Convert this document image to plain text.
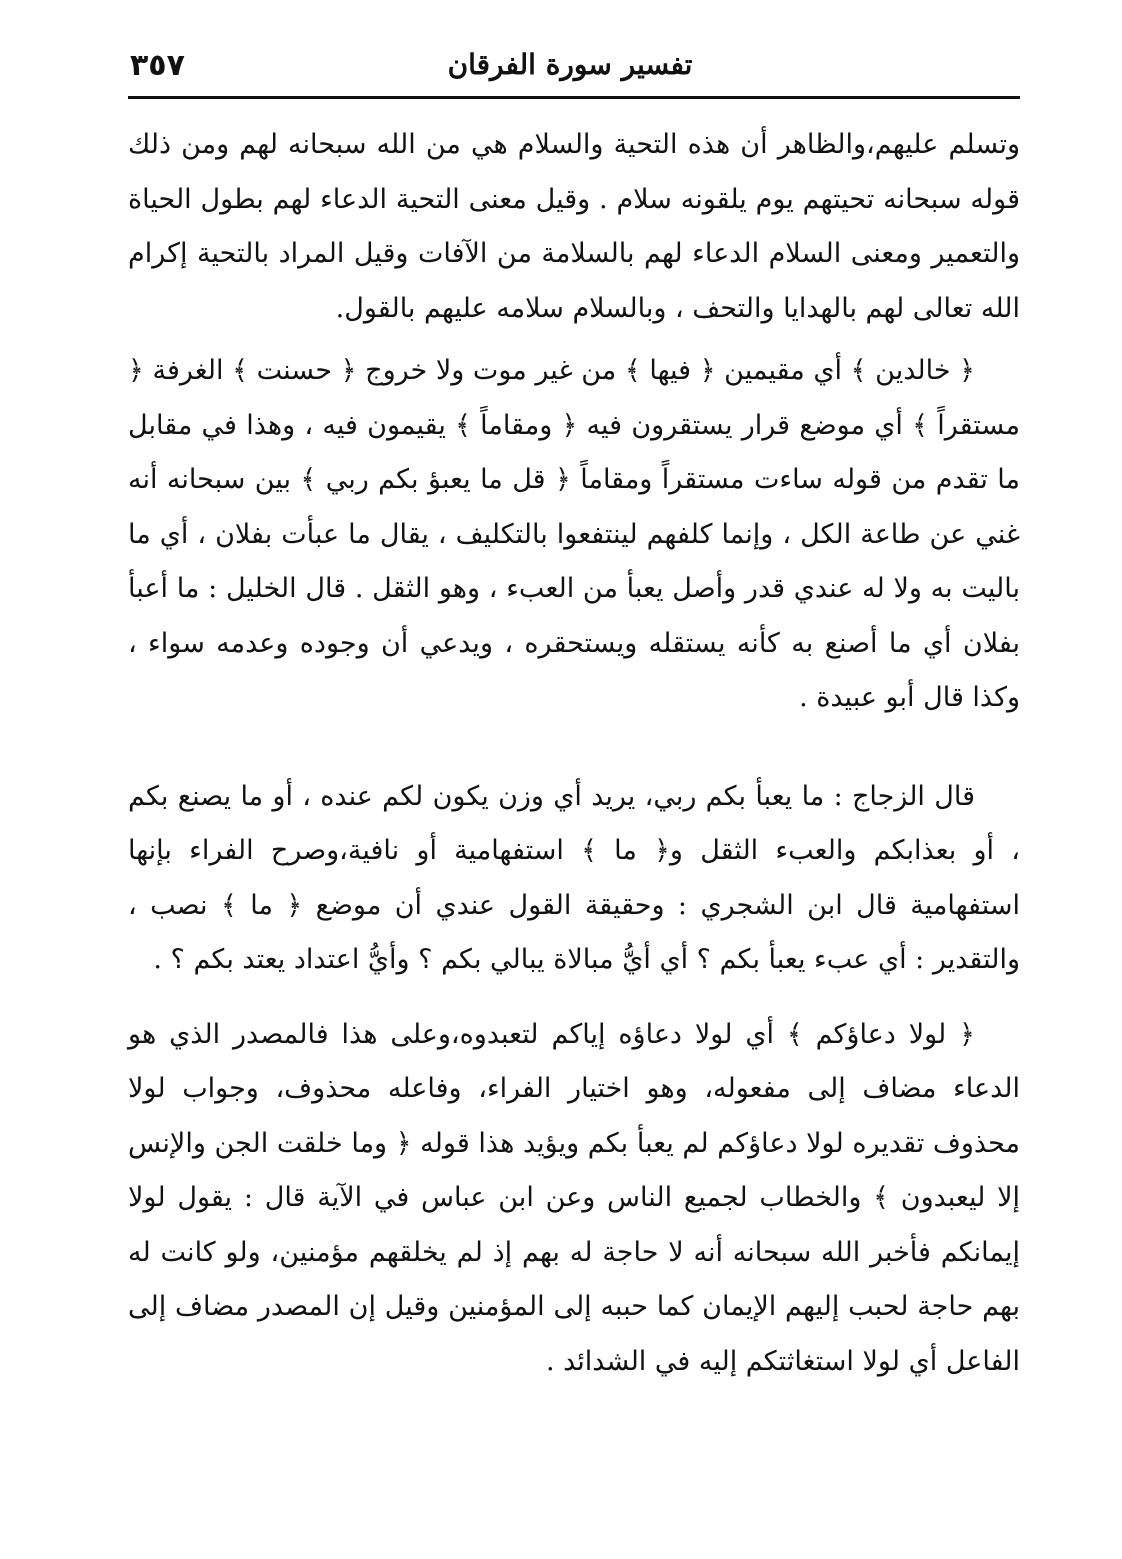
٣٥٧	تفسير سورة الفرقان

وتسلم عليهم،والظاهر أن هذه التحية والسلام هي من الله سبحانه لهم ومن ذلك قوله سبحانه تحيتهم يوم يلقونه سلام . وقيل معنى التحية الدعاء لهم بطول الحياة والتعمير ومعنى السلام الدعاء لهم بالسلامة من الآفات وقيل المراد بالتحية إكرام الله تعالى لهم بالهدايا والتحف ، وبالسلام سلامه عليهم بالقول.

﴿ خالدين ﴾ أي مقيمين ﴿ فيها ﴾ من غير موت ولا خروج ﴿ حسنت ﴾ الغرفة ﴿ مستقراً ﴾ أي موضع قرار يستقرون فيه ﴿ ومقاماً ﴾ يقيمون فيه ، وهذا في مقابل ما تقدم من قوله ساءت مستقراً ومقاماً ﴿ قل ما يعبؤ بكم ربي ﴾ بين سبحانه أنه غني عن طاعة الكل ، وإنما كلفهم لينتفعوا بالتكليف ، يقال ما عبأت بفلان ، أي ما باليت به ولا له عندي قدر وأصل يعبأ من العبء ، وهو الثقل . قال الخليل : ما أعبأ بفلان أي ما أصنع به كأنه يستقله ويستحقره ، ويدعي أن وجوده وعدمه سواء ، وكذا قال أبو عبيدة .

قال الزجاج : ما يعبأ بكم ربي، يريد أي وزن يكون لكم عنده ، أو ما يصنع بكم ، أو بعذابكم والعبء الثقل و﴿ ما ﴾ استفهامية أو نافية،وصرح الفراء بإنها استفهامية قال ابن الشجري : وحقيقة القول عندي أن موضع ﴿ ما ﴾ نصب ، والتقدير : أي عبء يعبأ بكم ؟ أي أيُّ مبالاة يبالي بكم ؟ وأيُّ اعتداد يعتد بكم ؟ .

﴿ لولا دعاؤكم ﴾ أي لولا دعاؤه إياكم لتعبدوه،وعلى هذا فالمصدر الذي هو الدعاء مضاف إلى مفعوله، وهو اختيار الفراء، وفاعله محذوف، وجواب لولا محذوف تقديره لولا دعاؤكم لم يعبأ بكم ويؤيد هذا قوله ﴿ وما خلقت الجن والإنس إلا ليعبدون ﴾ والخطاب لجميع الناس وعن ابن عباس في الآية قال : يقول لولا إيمانكم فأخبر الله سبحانه أنه لا حاجة له بهم إذ لم يخلقهم مؤمنين، ولو كانت له بهم حاجة لحبب إليهم الإيمان كما حببه إلى المؤمنين وقيل إن المصدر مضاف إلى الفاعل أي لولا استغاثتكم إليه في الشدائد .
